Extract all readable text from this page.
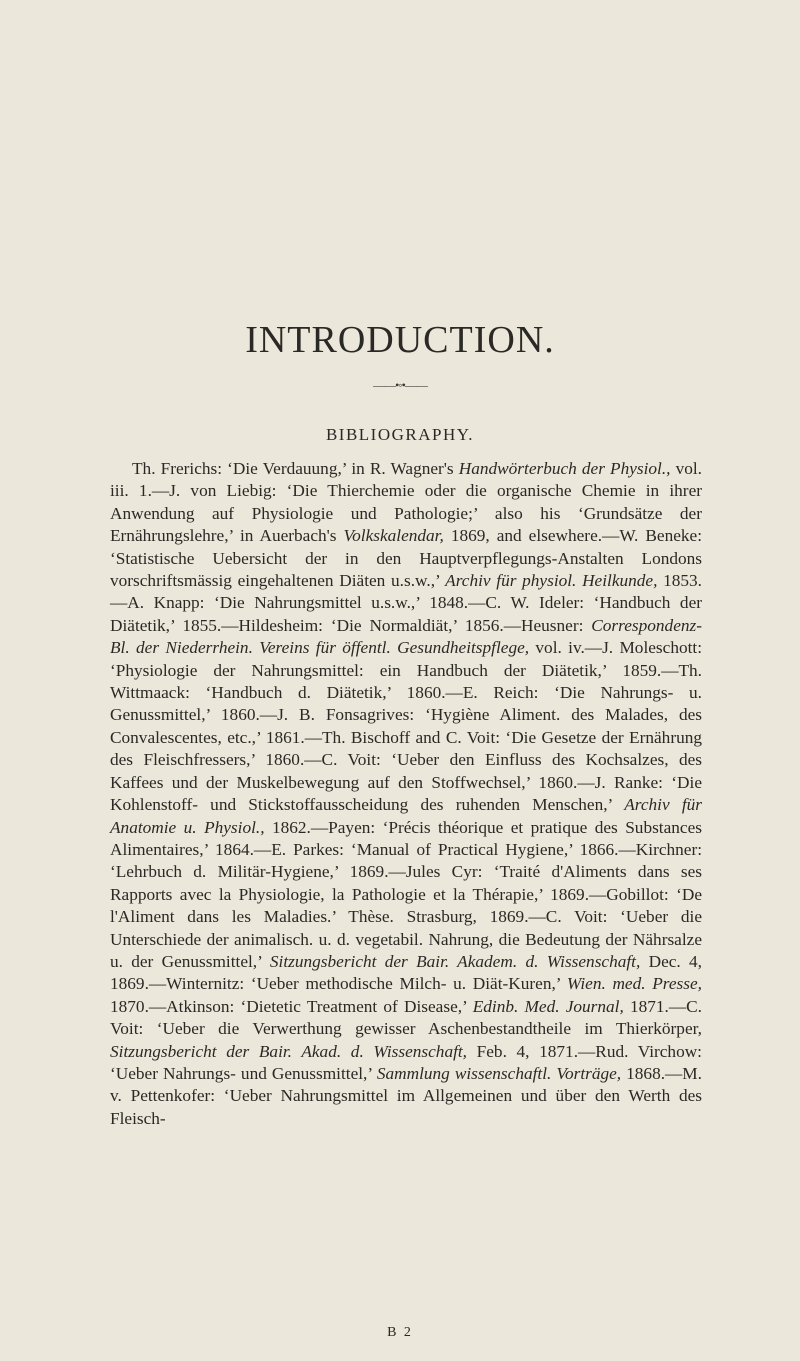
INTRODUCTION.
——•◦•——
BIBLIOGRAPHY.

Th. Frerichs: ‘Die Verdauung,’ in R. Wagner's Handwörterbuch der Physiol., vol. iii. 1.—J. von Liebig: ‘Die Thierchemie oder die organische Chemie in ihrer Anwendung auf Physiologie und Pathologie;’ also his ‘Grundsätze der Ernährungslehre,’ in Auerbach's Volkskalendar, 1869, and elsewhere.—W. Beneke: ‘Statistische Uebersicht der in den Hauptverpflegungs-Anstalten Londons vorschriftsmässig eingehaltenen Diäten u.s.w.,’ Archiv für physiol. Heilkunde, 1853.—A. Knapp: ‘Die Nahrungsmittel u.s.w.,’ 1848.—C. W. Ideler: ‘Handbuch der Diätetik,’ 1855.—Hildesheim: ‘Die Normaldiät,’ 1856.—Heusner: Correspondenz-Bl. der Niederrhein. Vereins für öffentl. Gesundheitspflege, vol. iv.—J. Moleschott: ‘Physiologie der Nahrungsmittel: ein Handbuch der Diätetik,’ 1859.—Th. Wittmaack: ‘Handbuch d. Diätetik,’ 1860.—E. Reich: ‘Die Nahrungs- u. Genussmittel,’ 1860.—J. B. Fonsagrives: ‘Hygiène Aliment. des Malades, des Convalescentes, etc.,’ 1861.—Th. Bischoff and C. Voit: ‘Die Gesetze der Ernährung des Fleischfressers,’ 1860.—C. Voit: ‘Ueber den Einfluss des Kochsalzes, des Kaffees und der Muskelbewegung auf den Stoffwechsel,’ 1860.—J. Ranke: ‘Die Kohlenstoff- und Stickstoffausscheidung des ruhenden Menschen,’ Archiv für Anatomie u. Physiol., 1862.—Payen: ‘Précis théorique et pratique des Substances Alimentaires,’ 1864.—E. Parkes: ‘Manual of Practical Hygiene,’ 1866.—Kirchner: ‘Lehrbuch d. Militär-Hygiene,’ 1869.—Jules Cyr: ‘Traité d'Aliments dans ses Rapports avec la Physiologie, la Pathologie et la Thérapie,’ 1869.—Gobillot: ‘De l'Aliment dans les Maladies.’ Thèse. Strasburg, 1869.—C. Voit: ‘Ueber die Unterschiede der animalisch. u. d. vegetabil. Nahrung, die Bedeutung der Nährsalze u. der Genussmittel,’ Sitzungsbericht der Bair. Akadem. d. Wissenschaft, Dec. 4, 1869.—Winternitz: ‘Ueber methodische Milch- u. Diät-Kuren,’ Wien. med. Presse, 1870.—Atkinson: ‘Dietetic Treatment of Disease,’ Edinb. Med. Journal, 1871.—C. Voit: ‘Ueber die Verwerthung gewisser Aschenbestandtheile im Thierkörper, Sitzungsbericht der Bair. Akad. d. Wissenschaft, Feb. 4, 1871.—Rud. Virchow: ‘Ueber Nahrungs- und Genussmittel,’ Sammlung wissenschaftl. Vorträge, 1868.—M. v. Pettenkofer: ‘Ueber Nahrungsmittel im Allgemeinen und über den Werth des Fleisch-

B 2
